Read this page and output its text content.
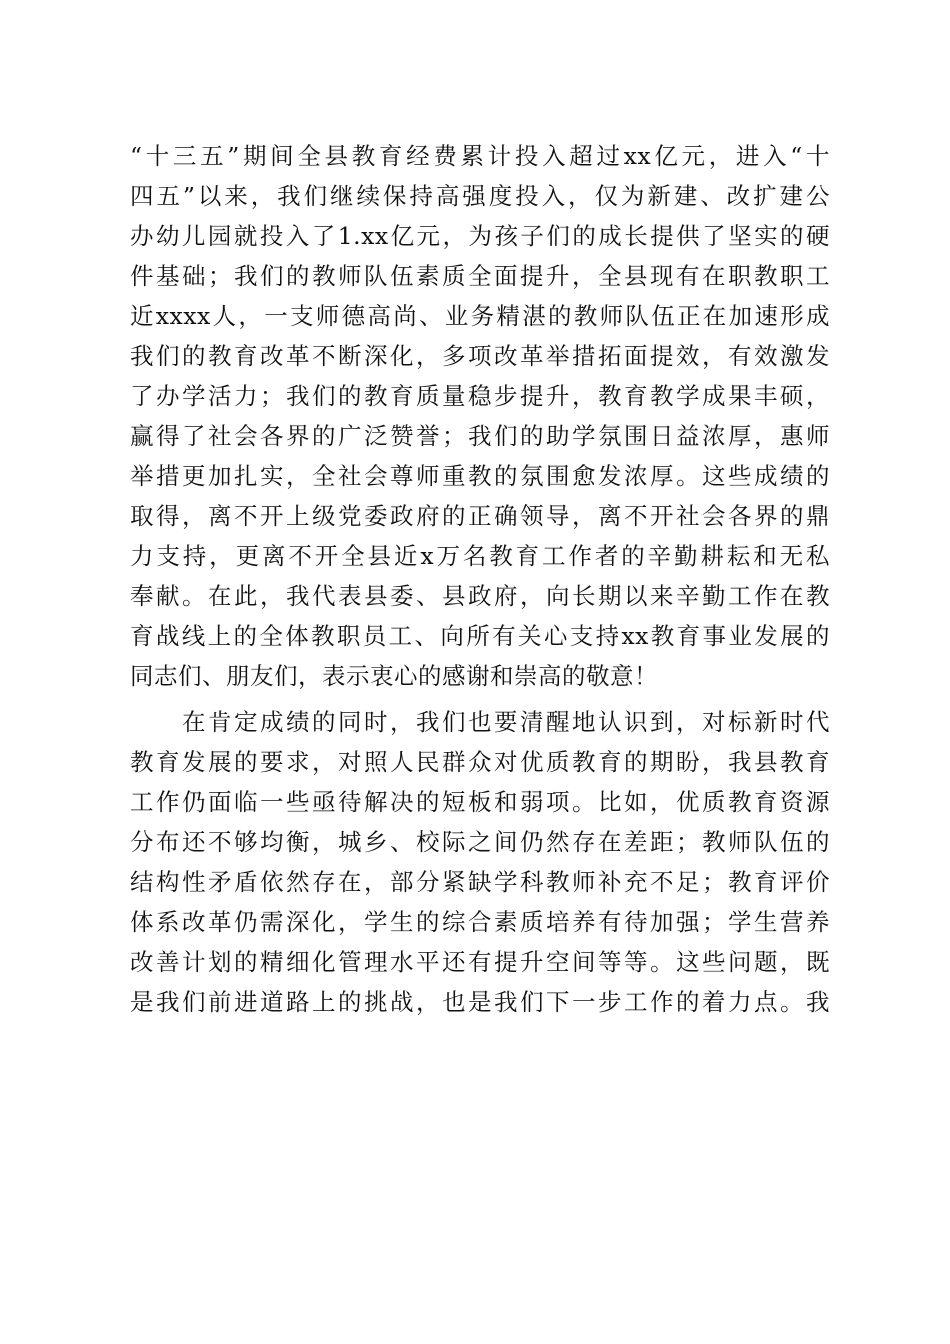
“十三五”期间全县教育经费累计投入超过xx亿元，进入“十
四五”以来，我们继续保持高强度投入，仅为新建、改扩建公
办幼儿园就投入了1.xx亿元，为孩子们的成长提供了坚实的硬
件基础；我们的教师队伍素质全面提升，全县现有在职教职工
近xxxx人，一支师德高尚、业务精湛的教师队伍正在加速形成
我们的教育改革不断深化，多项改革举措拓面提效，有效激发
了办学活力；我们的教育质量稳步提升，教育教学成果丰硕，
赢得了社会各界的广泛赞誉；我们的助学氛围日益浓厚，惠师
举措更加扎实，全社会尊师重教的氛围愈发浓厚。这些成绩的
取得，离不开上级党委政府的正确领导，离不开社会各界的鼎
力支持，更离不开全县近x万名教育工作者的辛勤耕耘和无私
奉献。在此，我代表县委、县政府，向长期以来辛勤工作在教
育战线上的全体教职员工、向所有关心支持xx教育事业发展的
同志们、朋友们，表示衷心的感谢和崇高的敬意！
　　在肯定成绩的同时，我们也要清醒地认识到，对标新时代
教育发展的要求，对照人民群众对优质教育的期盼，我县教育
工作仍面临一些亟待解决的短板和弱项。比如，优质教育资源
分布还不够均衡，城乡、校际之间仍然存在差距；教师队伍的
结构性矛盾依然存在，部分紧缺学科教师补充不足；教育评价
体系改革仍需深化，学生的综合素质培养有待加强；学生营养
改善计划的精细化管理水平还有提升空间等等。这些问题，既
是我们前进道路上的挑战，也是我们下一步工作的着力点。我
